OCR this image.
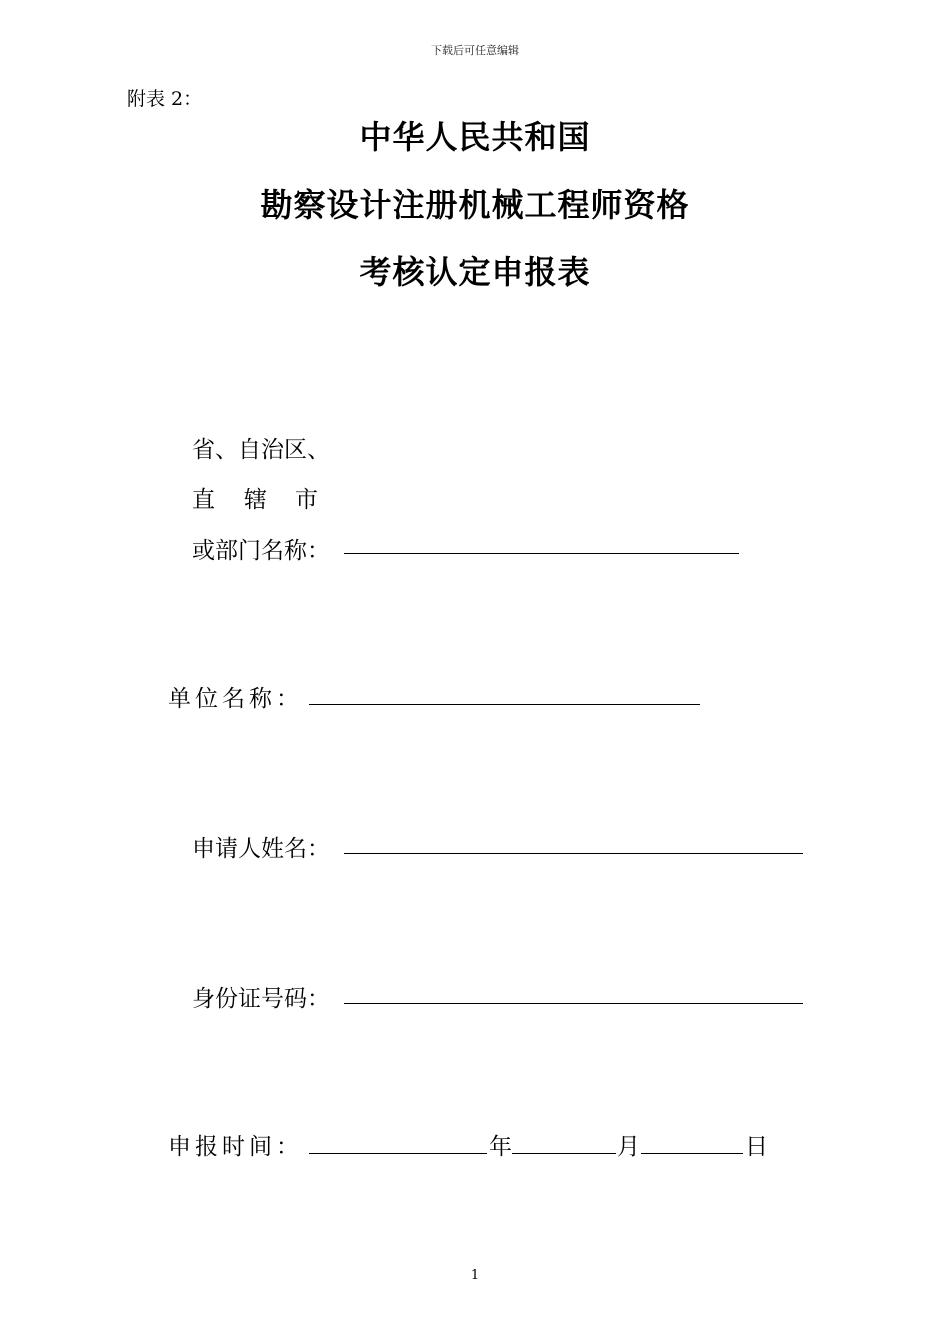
下载后可任意编辑
附表 2：
中华人民共和国
勘察设计注册机械工程师资格
考核认定申报表
省、自治区、
直 辖 市
或部门名称：
单位名称：
申请人姓名：
身份证号码：
申报时间：	年	月	日
1
